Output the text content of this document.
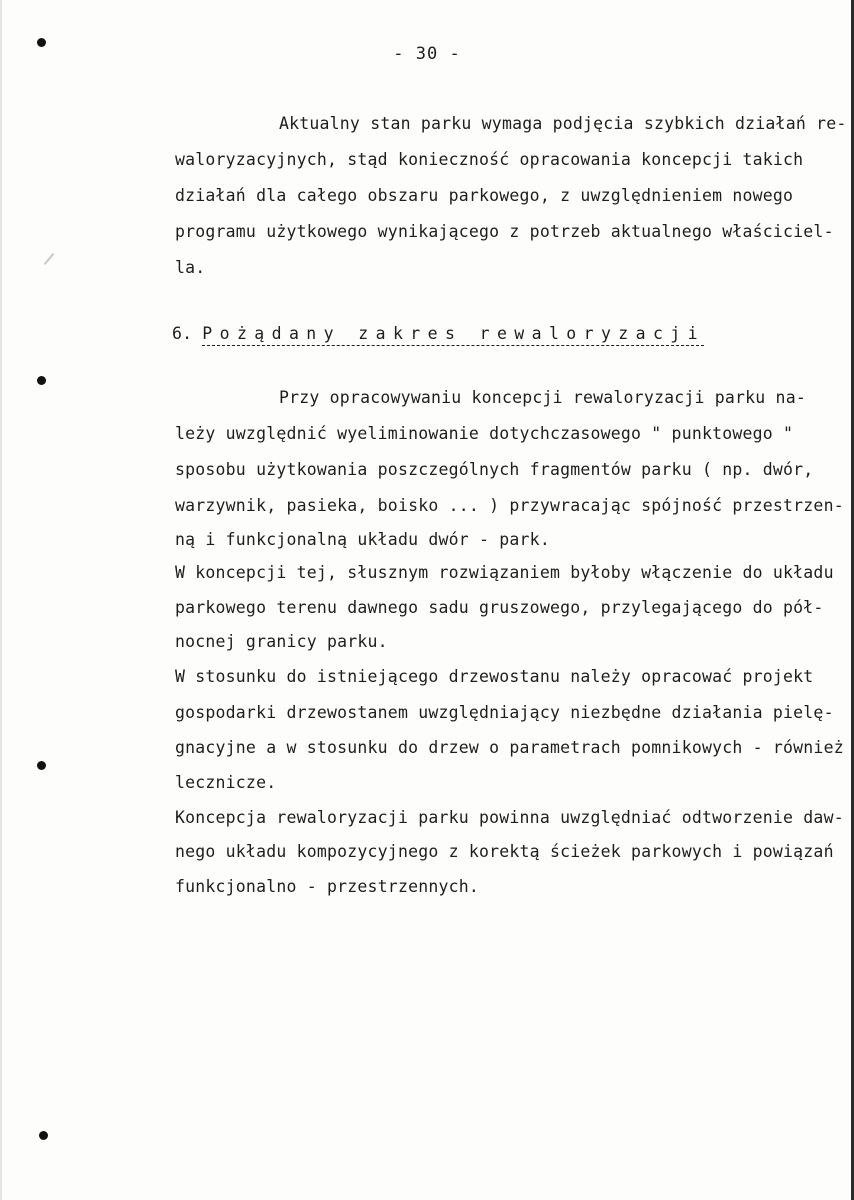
- 30 -
Aktualny stan parku wymaga podjęcia szybkich działań re-
waloryzacyjnych, stąd konieczność opracowania koncepcji takich
działań dla całego obszaru parkowego, z uwzględnieniem nowego
programu użytkowego wynikającego z potrzeb aktualnego właściciel-
la.
6. Pożądany zakres rewaloryzacji
Przy opracowywaniu koncepcji rewaloryzacji parku na-
leży uwzględnić wyeliminowanie dotychczasowego " punktowego "
sposobu użytkowania poszczególnych fragmentów parku ( np. dwór,
warzywnik, pasieka, boisko ... ) przywracając spójność przestrzen-
ną i funkcjonalną układu dwór - park.
W koncepcji tej, słusznym rozwiązaniem byłoby włączenie do układu
parkowego terenu dawnego sadu gruszowego, przylegającego do pół-
nocnej granicy parku.
W stosunku do istniejącego drzewostanu należy opracować projekt
gospodarki drzewostanem uwzględniający niezbędne działania pielę-
gnacyjne a w stosunku do drzew o parametrach pomnikowych - również
lecznicze.
Koncepcja rewaloryzacji parku powinna uwzględniać odtworzenie daw-
nego układu kompozycyjnego z korektą ścieżek parkowych i powiązań
funkcjonalno - przestrzennych.
